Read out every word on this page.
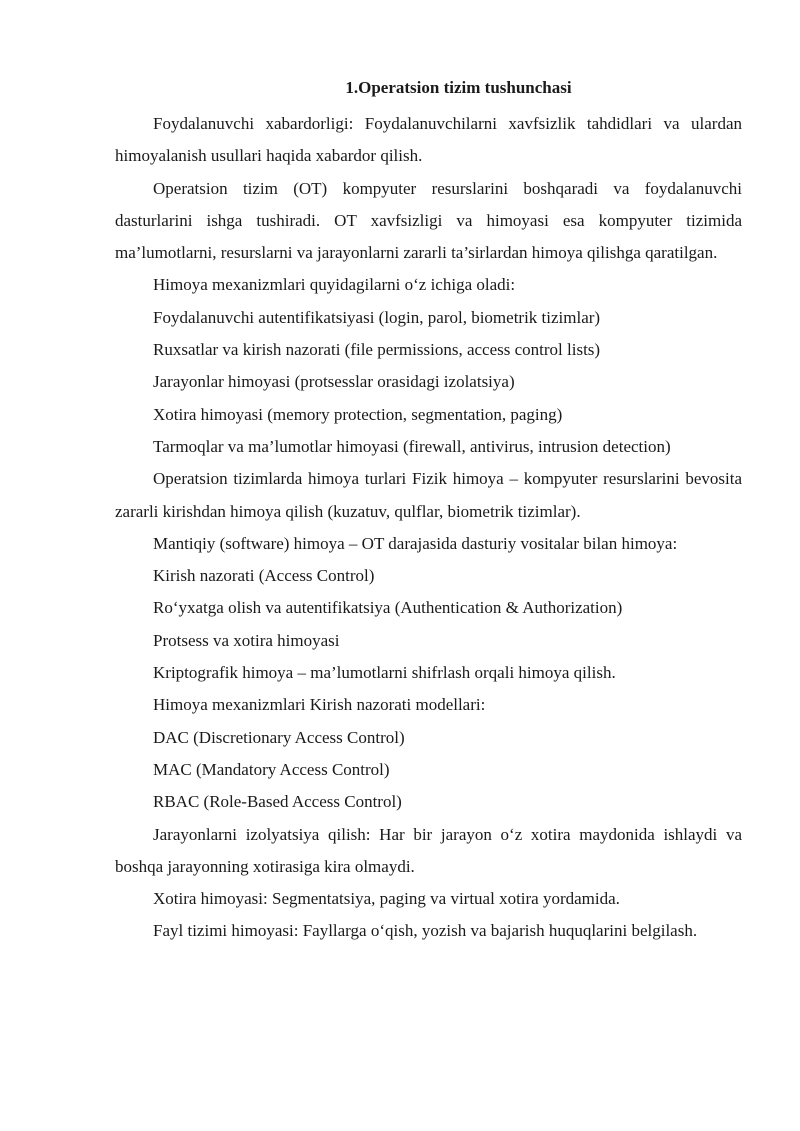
1.Operatsion tizim tushunchasi

Foydalanuvchi xabardorligi: Foydalanuvchilarni xavfsizlik tahdidlari va ulardan himoyalanish usullari haqida xabardor qilish.

Operatsion tizim (OT) kompyuter resurslarini boshqaradi va foydalanuvchi dasturlarini ishga tushiradi. OT xavfsizligi va himoyasi esa kompyuter tizimida ma’lumotlarni, resurslarni va jarayonlarni zararli ta’sirlardan himoya qilishga qaratilgan.

Himoya mexanizmlari quyidagilarni o‘z ichiga oladi:

Foydalanuvchi autentifikatsiyasi (login, parol, biometrik tizimlar)

Ruxsatlar va kirish nazorati (file permissions, access control lists)

Jarayonlar himoyasi (protsesslar orasidagi izolatsiya)

Xotira himoyasi (memory protection, segmentation, paging)

Tarmoqlar va ma’lumotlar himoyasi (firewall, antivirus, intrusion detection)

Operatsion tizimlarda himoya turlari Fizik himoya – kompyuter resurslarini bevosita zararli kirishdan himoya qilish (kuzatuv, qulflar, biometrik tizimlar).

Mantiqiy (software) himoya – OT darajasida dasturiy vositalar bilan himoya:

Kirish nazorati (Access Control)

Ro‘yxatga olish va autentifikatsiya (Authentication & Authorization)

Protsess va xotira himoyasi

Kriptografik himoya – ma’lumotlarni shifrlash orqali himoya qilish.

Himoya mexanizmlari Kirish nazorati modellari:

DAC (Discretionary Access Control)

MAC (Mandatory Access Control)

RBAC (Role-Based Access Control)

Jarayonlarni izolyatsiya qilish: Har bir jarayon o‘z xotira maydonida ishlaydi va boshqa jarayonning xotirasiga kira olmaydi.

Xotira himoyasi: Segmentatsiya, paging va virtual xotira yordamida.

Fayl tizimi himoyasi: Fayllarga o‘qish, yozish va bajarish huquqlarini belgilash.
